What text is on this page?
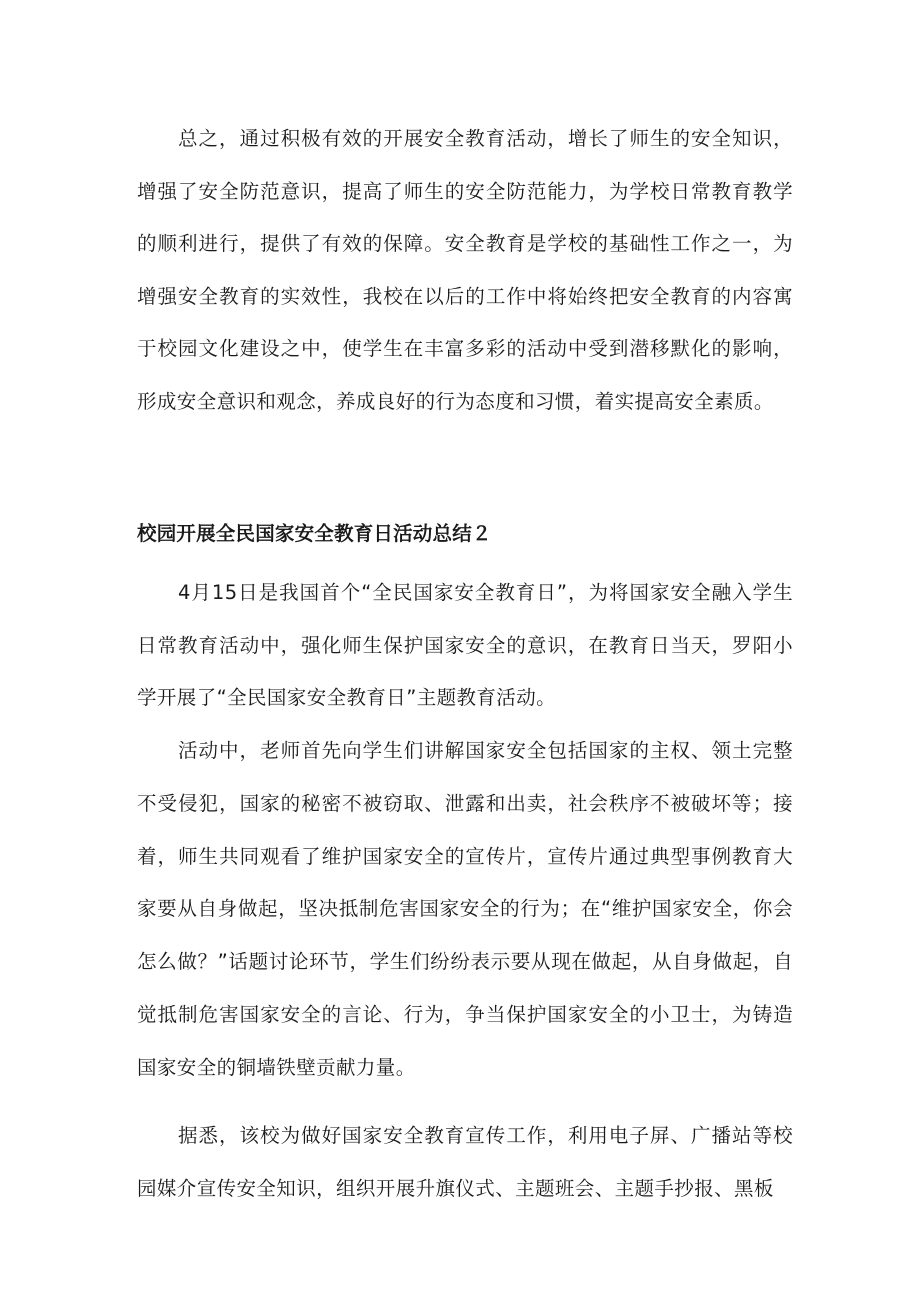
总之，通过积极有效的开展安全教育活动，增长了师生的安全知识，增强了安全防范意识，提高了师生的安全防范能力，为学校日常教育教学的顺利进行，提供了有效的保障。安全教育是学校的基础性工作之一，为增强安全教育的实效性，我校在以后的工作中将始终把安全教育的内容寓于校园文化建设之中，使学生在丰富多彩的活动中受到潜移默化的影响，形成安全意识和观念，养成良好的行为态度和习惯，着实提高安全素质。

校园开展全民国家安全教育日活动总结２

4月15日是我国首个“全民国家安全教育日”，为将国家安全融入学生日常教育活动中，强化师生保护国家安全的意识，在教育日当天，罗阳小学开展了“全民国家安全教育日”主题教育活动。

活动中，老师首先向学生们讲解国家安全包括国家的主权、领土完整不受侵犯，国家的秘密不被窃取、泄露和出卖，社会秩序不被破坏等；接着，师生共同观看了维护国家安全的宣传片，宣传片通过典型事例教育大家要从自身做起，坚决抵制危害国家安全的行为；在“维护国家安全，你会怎么做？”话题讨论环节，学生们纷纷表示要从现在做起，从自身做起，自觉抵制危害国家安全的言论、行为，争当保护国家安全的小卫士，为铸造国家安全的铜墙铁壁贡献力量。

据悉，该校为做好国家安全教育宣传工作，利用电子屏、广播站等校园媒介宣传安全知识，组织开展升旗仪式、主题班会、主题手抄报、黑板
